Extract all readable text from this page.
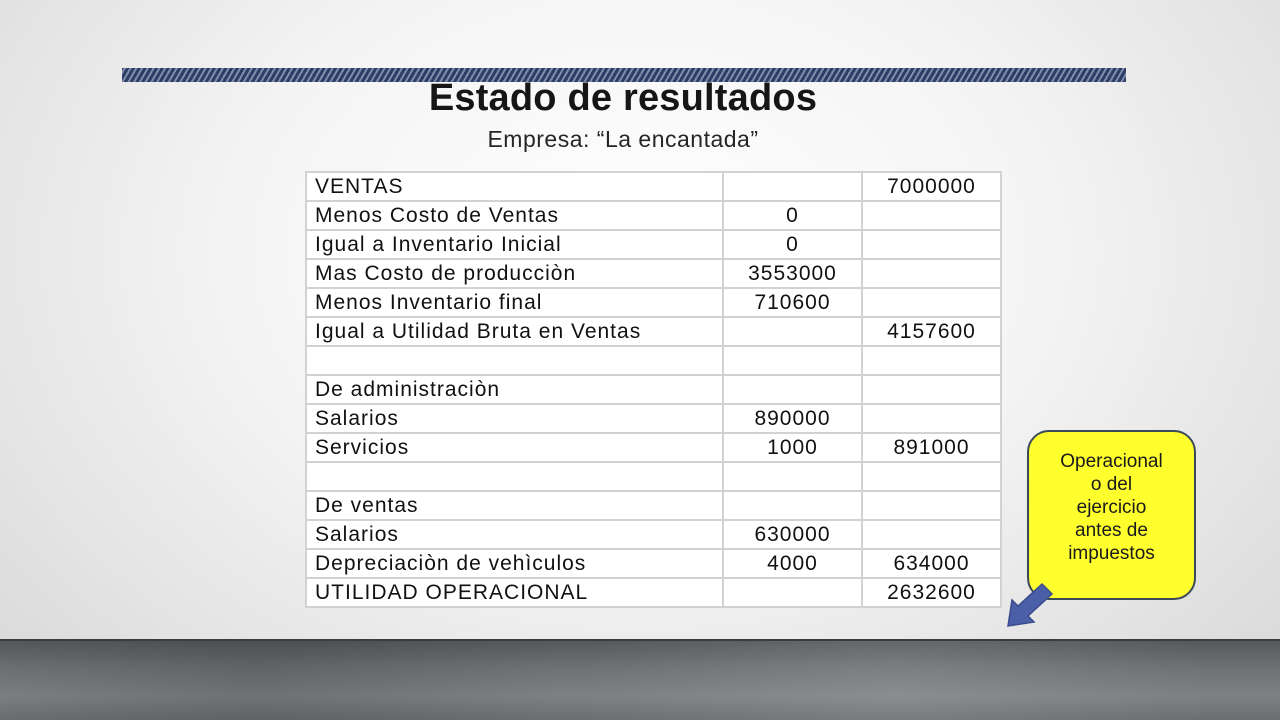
Estado de resultados
Empresa: “La encantada”
VENTAS		7000000
Menos Costo de Ventas	0	
Igual a Inventario Inicial	0	
Mas Costo de producciòn	3553000	
Menos Inventario final	710600	
Igual a Utilidad Bruta en Ventas		4157600

De administraciòn		
Salarios	890000	
Servicios	1000	891000

De ventas		
Salarios	630000	
Depreciaciòn de vehìculos	4000	634000
UTILIDAD OPERACIONAL		2632600
Operacional
o del
ejercicio
antes de
impuestos
